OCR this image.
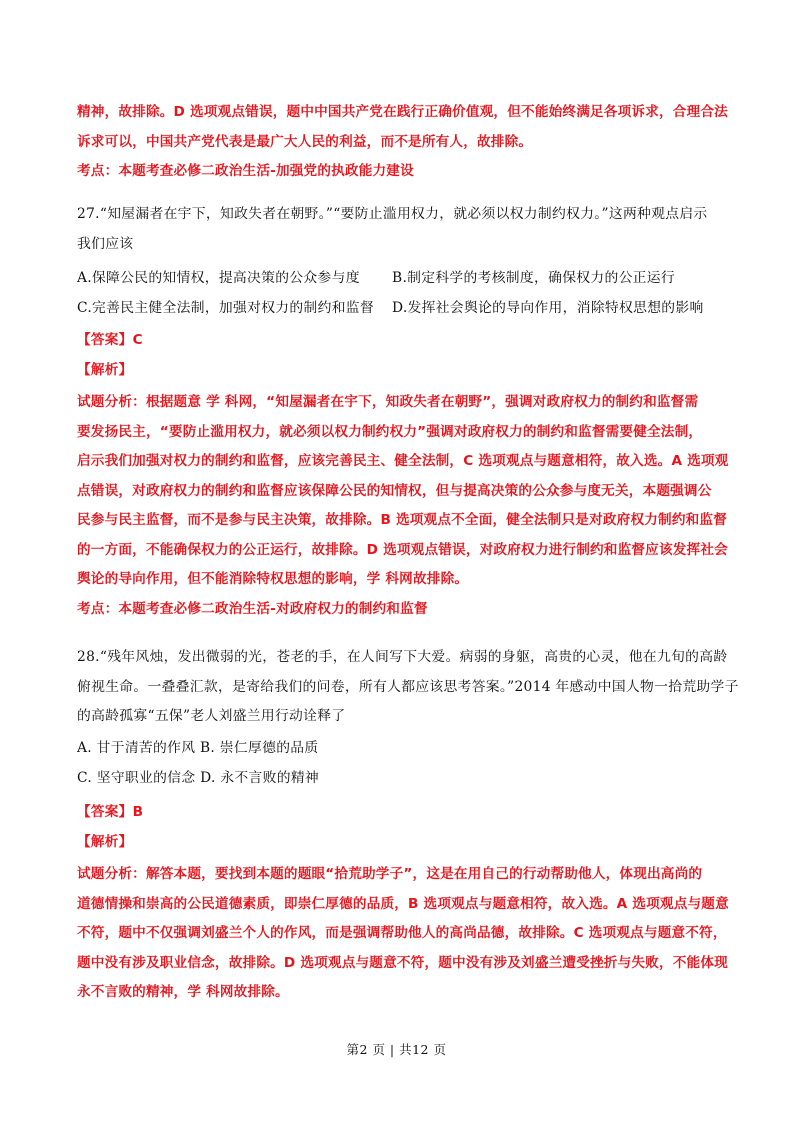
精神，故排除。D 选项观点错误，题中中国共产党在践行正确价值观，但不能始终满足各项诉求，合理合法

诉求可以，中国共产党代表是最广大人民的利益，而不是所有人，故排除。

考点：本题考查必修二政治生活-加强党的执政能力建设

27.“知屋漏者在宇下，知政失者在朝野。”“要防止滥用权力，就必须以权力制约权力。”这两种观点启示

我们应该

A.保障公民的知情权，提高决策的公众参与度	B.制定科学的考核制度，确保权力的公正运行
C.完善民主健全法制，加强对权力的制约和监督	D.发挥社会舆论的导向作用，消除特权思想的影响

【答案】C

【解析】

试题分析：根据题意 学 科网，“知屋漏者在宇下，知政失者在朝野”，强调对政府权力的制约和监督需

要发扬民主，“要防止滥用权力，就必须以权力制约权力”强调对政府权力的制约和监督需要健全法制，

启示我们加强对权力的制约和监督，应该完善民主、健全法制，C 选项观点与题意相符，故入选。A 选项观

点错误，对政府权力的制约和监督应该保障公民的知情权，但与提高决策的公众参与度无关，本题强调公

民参与民主监督，而不是参与民主决策，故排除。B 选项观点不全面，健全法制只是对政府权力制约和监督

的一方面，不能确保权力的公正运行，故排除。D 选项观点错误，对政府权力进行制约和监督应该发挥社会

舆论的导向作用，但不能消除特权思想的影响，学 科网故排除。

考点：本题考查必修二政治生活-对政府权力的制约和监督

28.“残年风烛，发出微弱的光，苍老的手，在人间写下大爱。病弱的身躯，高贵的心灵，他在九旬的高龄

俯视生命。一叠叠汇款，是寄给我们的问卷，所有人都应该思考答案。”2014 年感动中国人物一拾荒助学子

的高龄孤寡“五保”老人刘盛兰用行动诠释了

A. 甘于清苦的作风 B. 崇仁厚德的品质

C. 坚守职业的信念 D. 永不言败的精神

【答案】B

【解析】

试题分析：解答本题，要找到本题的题眼“拾荒助学子”，这是在用自己的行动帮助他人，体现出高尚的

道德情操和崇高的公民道德素质，即崇仁厚德的品质，B 选项观点与题意相符，故入选。A 选项观点与题意

不符，题中不仅强调刘盛兰个人的作风，而是强调帮助他人的高尚品德，故排除。C 选项观点与题意不符，

题中没有涉及职业信念，故排除。D 选项观点与题意不符，题中没有涉及刘盛兰遭受挫折与失败，不能体现

永不言败的精神，学 科网故排除。

第2 页 | 共12 页
